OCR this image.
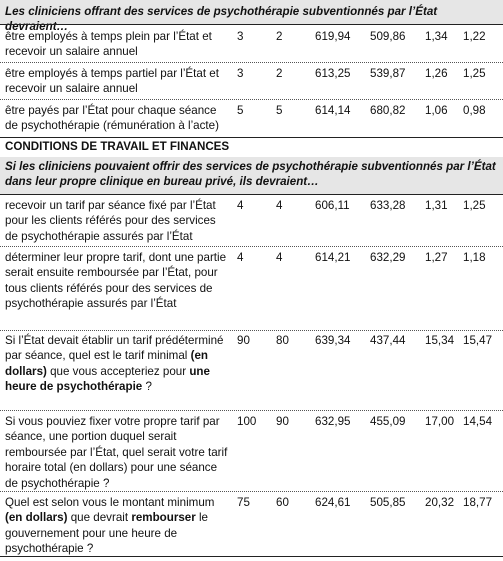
Les cliniciens offrant des services de psychothérapie subventionnés par l’État devraient…
être employés à temps plein par l’État et recevoir un salaire annuel
3	2	619,94 509,86 1,34 1,22
être employés à temps partiel par l’État et recevoir un salaire annuel
3	2	613,25 539,87 1,26 1,25
être payés par l’État pour chaque séance de psychothérapie (rémunération à l’acte)
5	5	614,14 680,82 1,06 0,98
CONDITIONS DE TRAVAIL ET FINANCES
Si les cliniciens pouvaient offrir des services de psychothérapie subventionnés par l’État dans leur propre clinique en bureau privé, ils devraient…
recevoir un tarif par séance fixé par l’État pour les clients référés pour des services de psychothérapie assurés par l’État
4	4	606,11 633,28 1,31 1,25
déterminer leur propre tarif, dont une partie serait ensuite remboursée par l’État, pour tous clients référés pour des services de psychothérapie assurés par l’État
4	4	614,21 632,29 1,27 1,18
Si l’État devait établir un tarif prédéterminé par séance, quel est le tarif minimal (en dollars) que vous accepteriez pour une heure de psychothérapie ?
90 80 639,34 437,44 15,34 15,47
Si vous pouviez fixer votre propre tarif par séance, une portion duquel serait remboursée par l’État, quel serait votre tarif horaire total (en dollars) pour une séance de psychothérapie ?
100 90 632,95 455,09 17,00 14,54
Quel est selon vous le montant minimum (en dollars) que devrait rembourser le gouvernement pour une heure de psychothérapie ?
75 60 624,61 505,85 20,32 18,77
